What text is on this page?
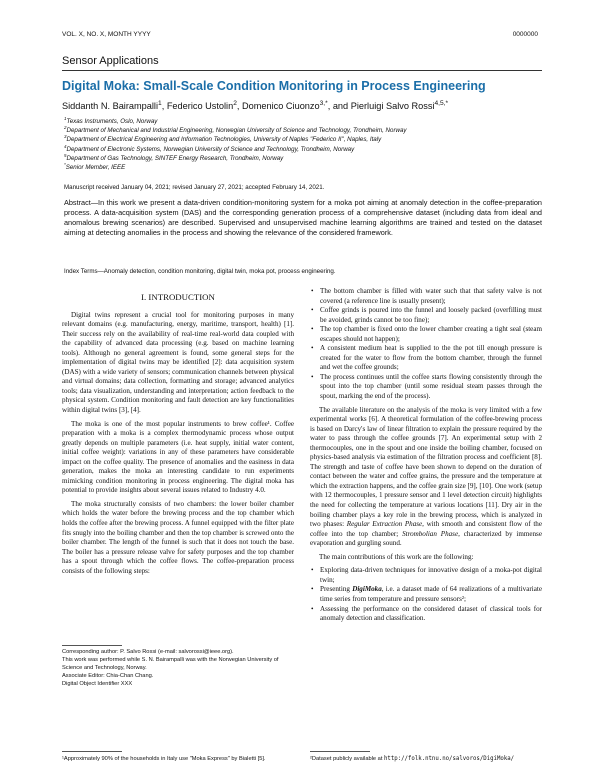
VOL. X, NO. X, MONTH YYYY	0000000
Sensor Applications
Digital Moka: Small-Scale Condition Monitoring in Process Engineering
Siddanth N. Bairampalli$^1$, Federico Ustolin$^2$, Domenico Ciuonzo$^{3,*}$, and Pierluigi Salvo Rossi$^{4,5,*}$
$^1$Texas Instruments, Oslo, Norway
$^2$Department of Mechanical and Industrial Engineering, Norwegian University of Science and Technology, Trondheim, Norway
$^3$Department of Electrical Engineering and Information Technologies, University of Naples "Federico II", Naples, Italy
$^4$Department of Electronic Systems, Norwegian University of Science and Technology, Trondheim, Norway
$^5$Department of Gas Technology, SINTEF Energy Research, Trondheim, Norway
*Senior Member, IEEE
Manuscript received January 04, 2021; revised January 27, 2021; accepted February 14, 2021.
Abstract—In this work we present a data-driven condition-monitoring system for a moka pot aiming at anomaly detection in the coffee-preparation process. A data-acquisition system (DAS) and the corresponding generation process of a comprehensive dataset (including data from ideal and anomalous brewing scenarios) are described. Supervised and unsupervised machine learning algorithms are trained and tested on the dataset aiming at detecting anomalies in the process and showing the relevance of the considered framework.
Index Terms—Anomaly detection, condition monitoring, digital twin, moka pot, process engineering.
I. INTRODUCTION

Digital twins represent a crucial tool for monitoring purposes in many relevant domains (e.g. manufacturing, energy, maritime, transport, health) [1]. Their success rely on the availability of real-time real-world data coupled with the capability of advanced data processing (e.g. based on machine learning tools). Although no general agreement is found, some general steps for the implementation of digital twins may be identified [2]: data acquisition system (DAS) with a wide variety of sensors; communication channels between physical and virtual domains; data collection, formatting and storage; advanced analytics tools; data visualization, understanding and interpretation; action feedback to the physical system. Condition monitoring and fault detection are key functionalities within digital twins [3], [4].

The moka is one of the most popular instruments to brew coffee¹. Coffee preparation with a moka is a complex thermodynamic process whose output greatly depends on multiple parameters (i.e. heat supply, initial water content, initial coffee weight): variations in any of these parameters have considerable impact on the coffee quality. The presence of anomalies and the easiness in data generation, makes the moka an interesting candidate to run experiments mimicking condition monitoring in process engineering. The digital moka has potential to provide insights about several issues related to Industry 4.0.

The moka structurally consists of two chambers: the lower boiler chamber which holds the water before the brewing process and the top chamber which holds the coffee after the brewing process. A funnel equipped with the filter plate fits snugly into the boiling chamber and then the top chamber is screwed onto the boiler chamber. The length of the funnel is such that it does not touch the base. The boiler has a pressure release valve for safety purposes and the top chamber has a spout through which the coffee flows. The coffee-preparation process consists of the following steps:

• The bottom chamber is filled with water such that that safety valve is not covered (a reference line is usually present);
• Coffee grinds is poured into the funnel and loosely packed (overfilling must be avoided, grinds cannot be too fine);
• The top chamber is fixed onto the lower chamber creating a tight seal (steam escapes should not happen);
• A consistent medium heat is supplied to the the pot till enough pressure is created for the water to flow from the bottom chamber, through the funnel and wet the coffee grounds;
• The process continues until the coffee starts flowing consistently through the spout into the top chamber (until some residual steam passes through the spout, marking the end of the process).

The available literature on the analysis of the moka is very limited with a few experimental works [6]. A theoretical formulation of the coffee-brewing process is based on Darcy's law of linear filtration to explain the pressure required by the water to pass through the coffee grounds [7]. An experimental setup with 2 thermocouples, one in the spout and one inside the boiling chamber, focused on physics-based analysis via estimation of the filtration process and coefficient [8]. The strength and taste of coffee have been shown to depend on the duration of contact between the water and coffee grains, the pressure and the temperature at which the extraction happens, and the coffee grain size [9], [10]. One work (setup with 12 thermocouples, 1 pressure sensor and 1 level detection circuit) highlights the need for collecting the temperature at various locations [11]. Dry air in the boiling chamber plays a key role in the brewing process, which is analyzed in two phases: Regular Extraction Phase, with smooth and consistent flow of the coffee into the top chamber; Strombolian Phase, characterized by immense evaporation and gurgling sound.

The main contributions of this work are the following:

• Exploring data-driven techniques for innovative design of a moka-pot digital twin;
• Presenting DigiMoka, i.e. a dataset made of 64 realizations of a multivariate time series from temperature and pressure sensors²;
• Assessing the performance on the considered dataset of classical tools for anomaly detection and classification.
Corresponding author: P. Salvo Rossi (e-mail: salvorossi@ieee.org).
This work was performed while S. N. Bairampalli was with the Norwegian University of Science and Technology, Norway.
Associate Editor: Chia-Chan Chang.
Digital Object Identifier XXX
¹Approximately 90% of the households in Italy use "Moka Express" by Bialetti [5].	²Dataset publicly available at http://folk.ntnu.no/salvoros/DigiMoka/
